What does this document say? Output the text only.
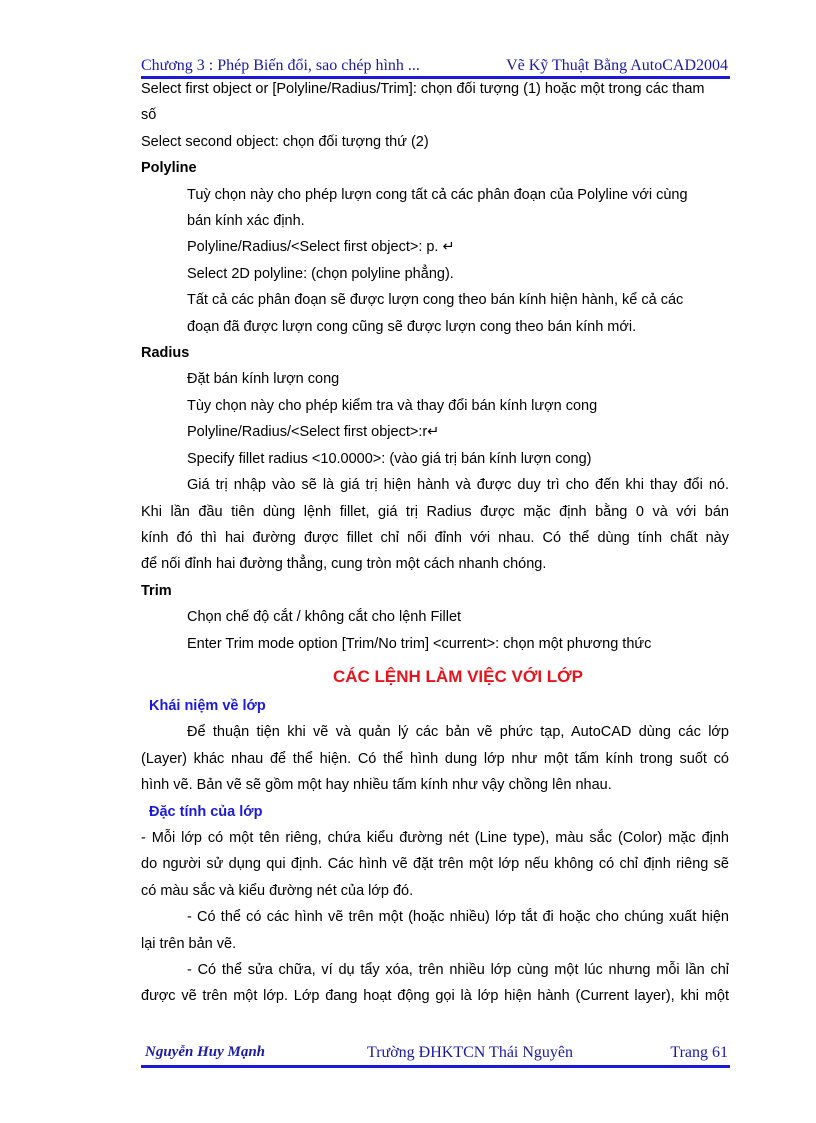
Chương 3 : Phép Biến đổi, sao chép hình ...	Vẽ Kỹ Thuật Bằng AutoCAD2004
Select first object or [Polyline/Radius/Trim]: chọn đối tượng (1) hoặc một trong các tham
số
Select second object: chọn đối tượng thứ (2)
Polyline
Tuỳ chọn này cho phép lượn cong tất cả các phân đoạn của Polyline với cùng
bán kính xác định.
Polyline/Radius/<Select first object>: p. ↵
Select 2D polyline: (chọn polyline phẳng).
Tất cả các phân đoạn sẽ được lượn cong theo bán kính hiện hành, kể cả các
đoạn đã được lượn cong cũng sẽ được lượn cong theo bán kính mới.
Radius
Đặt bán kính lượn cong
Tùy chọn này cho phép kiểm tra và thay đổi bán kính lượn cong
Polyline/Radius/<Select first object>:r↵
Specify fillet radius <10.0000>: (vào giá trị bán kính lượn cong)
Giá trị nhập vào sẽ là giá trị hiện hành và được duy trì cho đến khi thay đổi nó.
Khi lần đầu tiên dùng lệnh fillet, giá trị Radius được mặc định bằng 0 và với bán
kính đó thì hai đường được fillet chỉ nối đỉnh với nhau. Có thể dùng tính chất này
để nối đỉnh hai đường thẳng, cung tròn một cách nhanh chóng.
Trim
Chọn chế độ cắt / không cắt cho lệnh Fillet
Enter Trim mode option [Trim/No trim] <current>: chọn một phương thức
CÁC LỆNH LÀM VIỆC VỚI LỚP
Khái niệm về lớp
Để thuận tiện khi vẽ và quản lý các bản vẽ phức tạp, AutoCAD dùng các lớp
(Layer) khác nhau để thể hiện. Có thể hình dung lớp như một tấm kính trong suốt có
hình vẽ. Bản vẽ sẽ gồm một hay nhiều tấm kính như vậy chồng lên nhau.
Đặc tính của lớp
- Mỗi lớp có một tên riêng, chứa kiểu đường nét (Line type), màu sắc (Color) mặc định
do người sử dụng qui định. Các hình vẽ đặt trên một lớp nếu không có chỉ định riêng sẽ
có màu sắc và kiểu đường nét của lớp đó.
- Có thể có các hình vẽ trên một (hoặc nhiều) lớp tắt đi hoặc cho chúng xuất hiện
lại trên bản vẽ.
- Có thể sửa chữa, ví dụ tẩy xóa, trên nhiều lớp cùng một lúc nhưng mỗi lần chỉ
được vẽ trên một lớp. Lớp đang hoạt động gọi là lớp hiện hành (Current layer), khi một
Nguyễn Huy Mạnh	Trường ĐHKTCN Thái Nguyên	Trang 61
